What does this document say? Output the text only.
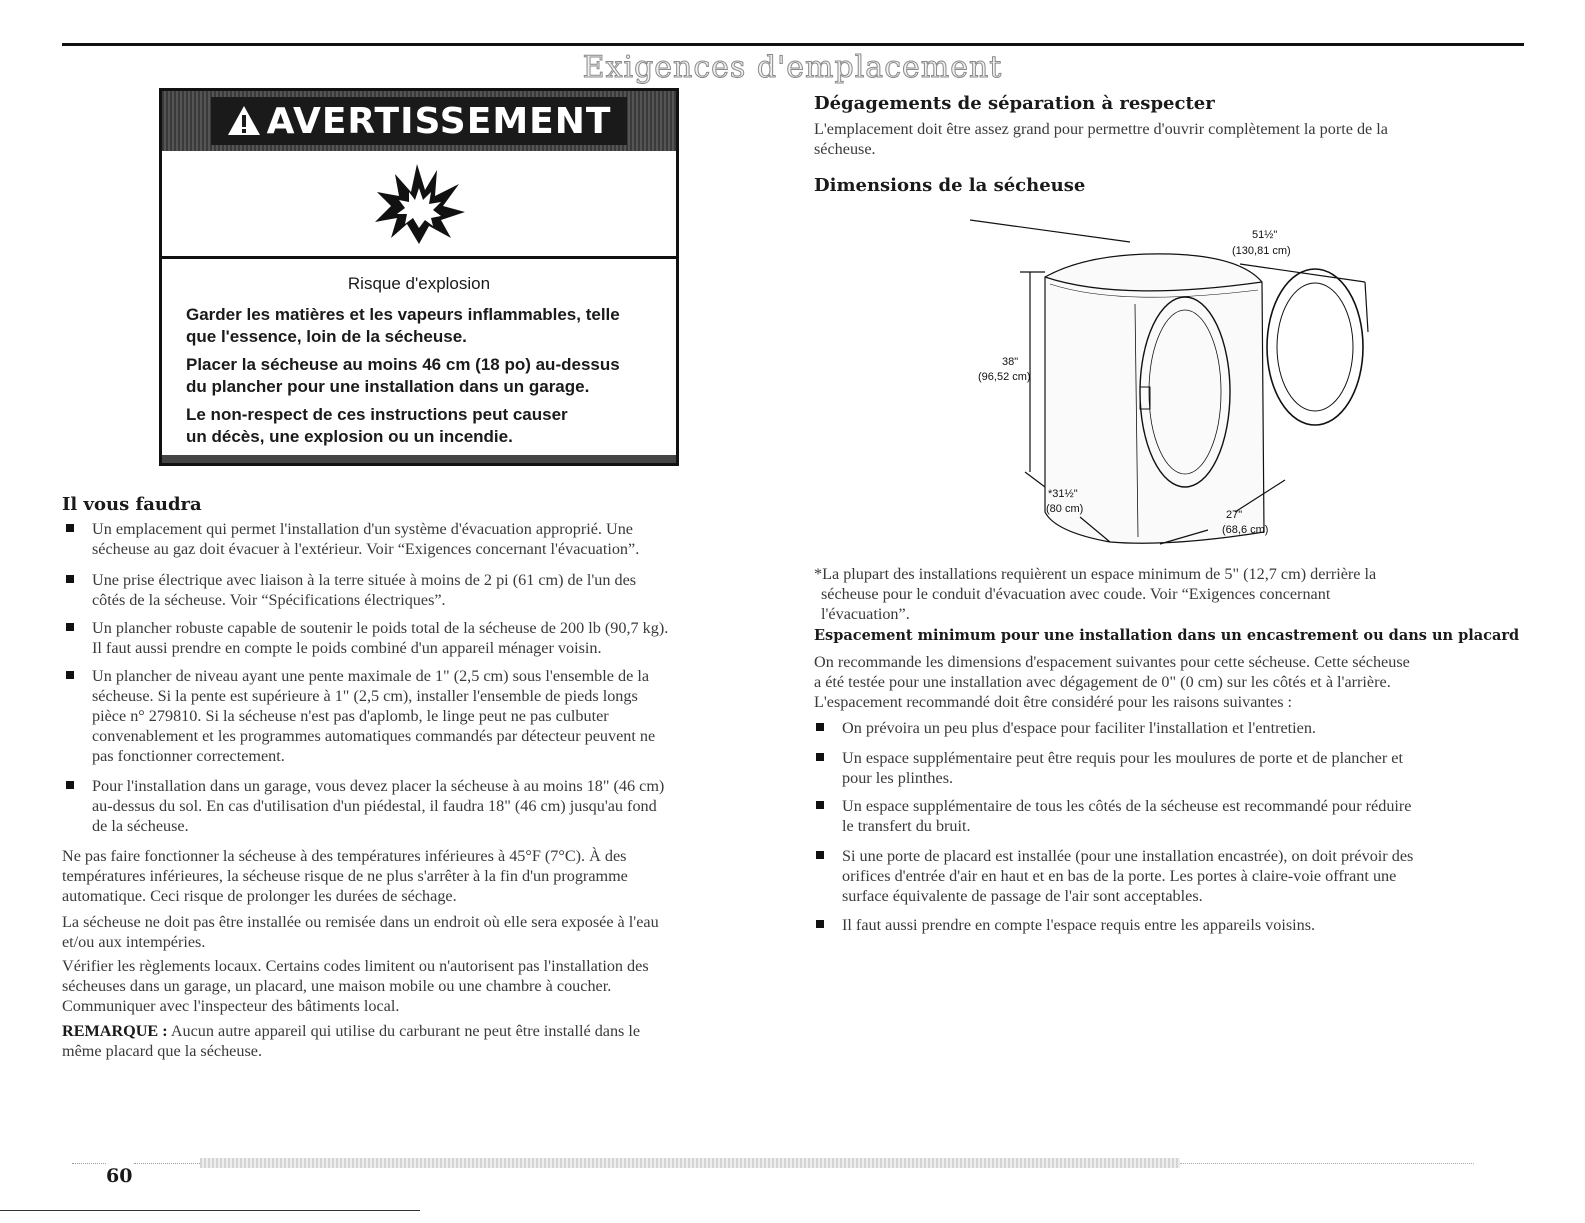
Exigences d'emplacement
AVERTISSEMENT
Risque d'explosion
Garder les matières et les vapeurs inflammables, telle
que l'essence, loin de la sécheuse.
Placer la sécheuse au moins 46 cm (18 po) au-dessus
du plancher pour une installation dans un garage.
Le non-respect de ces instructions peut causer
un décès, une explosion ou un incendie.
Il vous faudra
Un emplacement qui permet l'installation d'un système d'évacuation approprié. Une
sécheuse au gaz doit évacuer à l'extérieur. Voir “Exigences concernant l'évacuation”.
Une prise électrique avec liaison à la terre située à moins de 2 pi (61 cm) de l'un des
côtés de la sécheuse. Voir “Spécifications électriques”.
Un plancher robuste capable de soutenir le poids total de la sécheuse de 200 lb (90,7 kg).
Il faut aussi prendre en compte le poids combiné d'un appareil ménager voisin.
Un plancher de niveau ayant une pente maximale de 1" (2,5 cm) sous l'ensemble de la
sécheuse. Si la pente est supérieure à 1" (2,5 cm), installer l'ensemble de pieds longs
pièce n° 279810. Si la sécheuse n'est pas d'aplomb, le linge peut ne pas culbuter
convenablement et les programmes automatiques commandés par détecteur peuvent ne
pas fonctionner correctement.
Pour l'installation dans un garage, vous devez placer la sécheuse à au moins 18" (46 cm)
au-dessus du sol. En cas d'utilisation d'un piédestal, il faudra 18" (46 cm) jusqu'au fond
de la sécheuse.
Ne pas faire fonctionner la sécheuse à des températures inférieures à 45°F (7°C). À des
températures inférieures, la sécheuse risque de ne plus s'arrêter à la fin d'un programme
automatique. Ceci risque de prolonger les durées de séchage.
La sécheuse ne doit pas être installée ou remisée dans un endroit où elle sera exposée à l'eau
et/ou aux intempéries.
Vérifier les règlements locaux. Certains codes limitent ou n'autorisent pas l'installation des
sécheuses dans un garage, un placard, une maison mobile ou une chambre à coucher.
Communiquer avec l'inspecteur des bâtiments local.
REMARQUE : Aucun autre appareil qui utilise du carburant ne peut être installé dans le
même placard que la sécheuse.
Dégagements de séparation à respecter
L'emplacement doit être assez grand pour permettre d'ouvrir complètement la porte de la
sécheuse.
Dimensions de la sécheuse
51½"
(130,81 cm)
38"
(96,52 cm)
*31½"
(80 cm)	27"
(68,6 cm)
*La plupart des installations requièrent un espace minimum de 5" (12,7 cm) derrière la
sécheuse pour le conduit d'évacuation avec coude. Voir “Exigences concernant
l'évacuation”.
Espacement minimum pour une installation dans un encastrement ou dans un placard
On recommande les dimensions d'espacement suivantes pour cette sécheuse. Cette sécheuse
a été testée pour une installation avec dégagement de 0" (0 cm) sur les côtés et à l'arrière.
L'espacement recommandé doit être considéré pour les raisons suivantes :
On prévoira un peu plus d'espace pour faciliter l'installation et l'entretien.
Un espace supplémentaire peut être requis pour les moulures de porte et de plancher et
pour les plinthes.
Un espace supplémentaire de tous les côtés de la sécheuse est recommandé pour réduire
le transfert du bruit.
Si une porte de placard est installée (pour une installation encastrée), on doit prévoir des
orifices d'entrée d'air en haut et en bas de la porte. Les portes à claire-voie offrant une
surface équivalente de passage de l'air sont acceptables.
Il faut aussi prendre en compte l'espace requis entre les appareils voisins.
60
